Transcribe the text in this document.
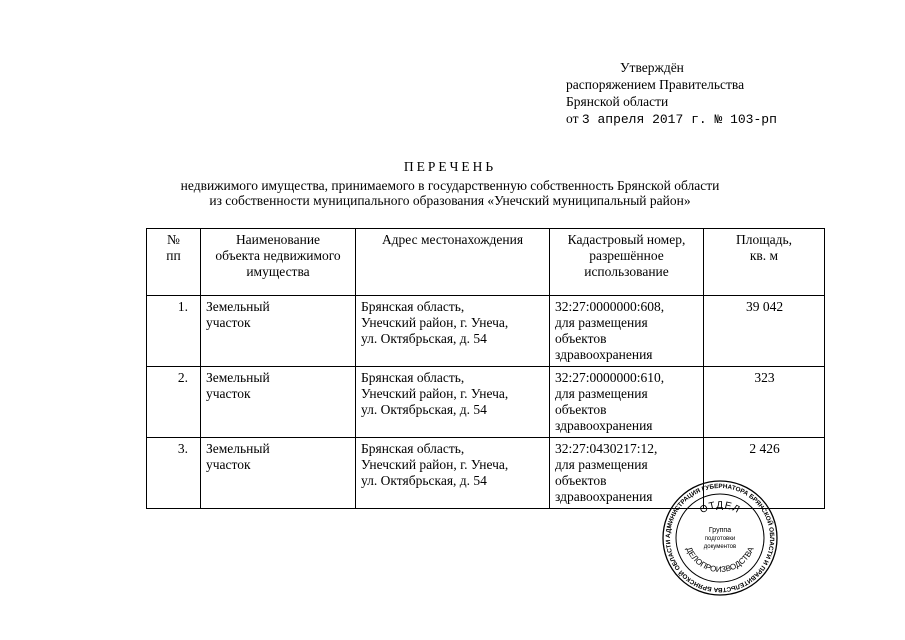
Утверждён
распоряжением Правительства
Брянской области
от 3 апреля 2017 г. № 103-рп
ПЕРЕЧЕНЬ
недвижимого имущества, принимаемого в государственную собственность Брянской области
из собственности муниципального образования «Унечский муниципальный район»
№
пп	Наименование
объекта недвижимого
имущества	Адрес местонахождения	Кадастровый номер,
разрешённое
использование	Площадь,
кв. м

1.	Земельный
участок	Брянская область,
Унечский район, г. Унеча,
ул. Октябрьская, д. 54	32:27:0000000:608,
для размещения
объектов
здравоохранения	39 042
2.	Земельный
участок	Брянская область,
Унечский район, г. Унеча,
ул. Октябрьская, д. 54	32:27:0000000:610,
для размещения
объектов
здравоохранения	323
3.	Земельный
участок	Брянская область,
Унечский район, г. Унеча,
ул. Октябрьская, д. 54	32:27:0430217:12,
для размещения
объектов
здравоохранения	2 426
АДМИНИСТРАЦИЯ ГУБЕРНАТОРА БРЯНСКОЙ ОБЛАСТИ И ПРАВИТЕЛЬСТВА БРЯНСКОЙ ОБЛАСТИ
ОТДЕЛ
ДЕЛОПРОИЗВОДСТВА
Группа
подготовки
документов
